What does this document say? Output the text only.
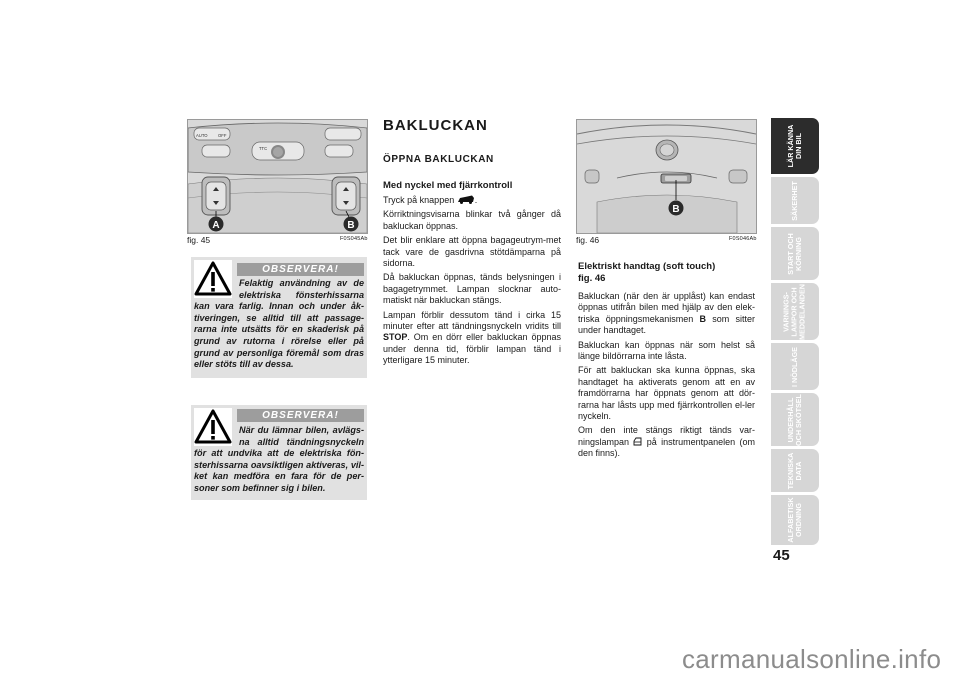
AUTO OFF
TTC
A	B
fig. 45	F0S045Ab
OBSERVERA!
Felaktig användning av de elektriska fönsterhissarna kan vara farlig. Innan och under åk-tiveringen, se alltid till att passage-rarna inte utsätts för en skaderisk på grund av rutorna i rörelse eller på grund av personliga föremål som dras eller stöts till av dessa.
OBSERVERA!
När du lämnar bilen, avlägs-na alltid tändningsnyckeln för att undvika att de elektriska fön-sterhissarna oavsiktligen aktiveras, vil-ket kan medföra en fara för de per-soner som befinner sig i bilen.
BAKLUCKAN
ÖPPNA BAKLUCKAN
Med nyckel med fjärrkontroll
Tryck på knappen .
Körriktningsvisarna blinkar två gånger då bakluckan öppnas.
Det blir enklare att öppna bagageutrym-met tack vare de gasdrivna stötdämparna på sidorna.
Då bakluckan öppnas, tänds belysningen i bagagetrymmet. Lampan slocknar auto-matiskt när bakluckan stängs.
Lampan förblir dessutom tänd i cirka 15 minuter efter att tändningsnyckeln vridits till STOP. Om en dörr eller bakluckan öppnas under denna tid, förblir lampan tänd i ytterligare 15 minuter.
B
fig. 46	F0S046Ab
Elektriskt handtag (soft touch)
fig. 46
Bakluckan (när den är upplåst) kan endast öppnas utifrån bilen med hjälp av den elek-triska öppningsmekanismen B som sitter under handtaget.
Bakluckan kan öppnas när som helst så länge bildörrarna inte låsta.
För att bakluckan ska kunna öppnas, ska handtaget ha aktiverats genom att en av framdörrarna har öppnats genom att dör-rarna har låsts upp med fjärrkontrollen el-ler nyckeln.
Om den inte stängs riktigt tänds var-ningslampan  på instrumentpanelen (om den finns).
LÄR KÄNNA
DIN BIL
SÄKERHET
START OCH
KÖRNING
VARNINGS-
LAMPOR OCH
MEDDELANDEN
I NÖDLÄGE
UNDERHÅLL
OCH SKÖTSEL
TEKNISKA
DATA
ALFABETISK
ORDNING
45
carmanualsonline.info
